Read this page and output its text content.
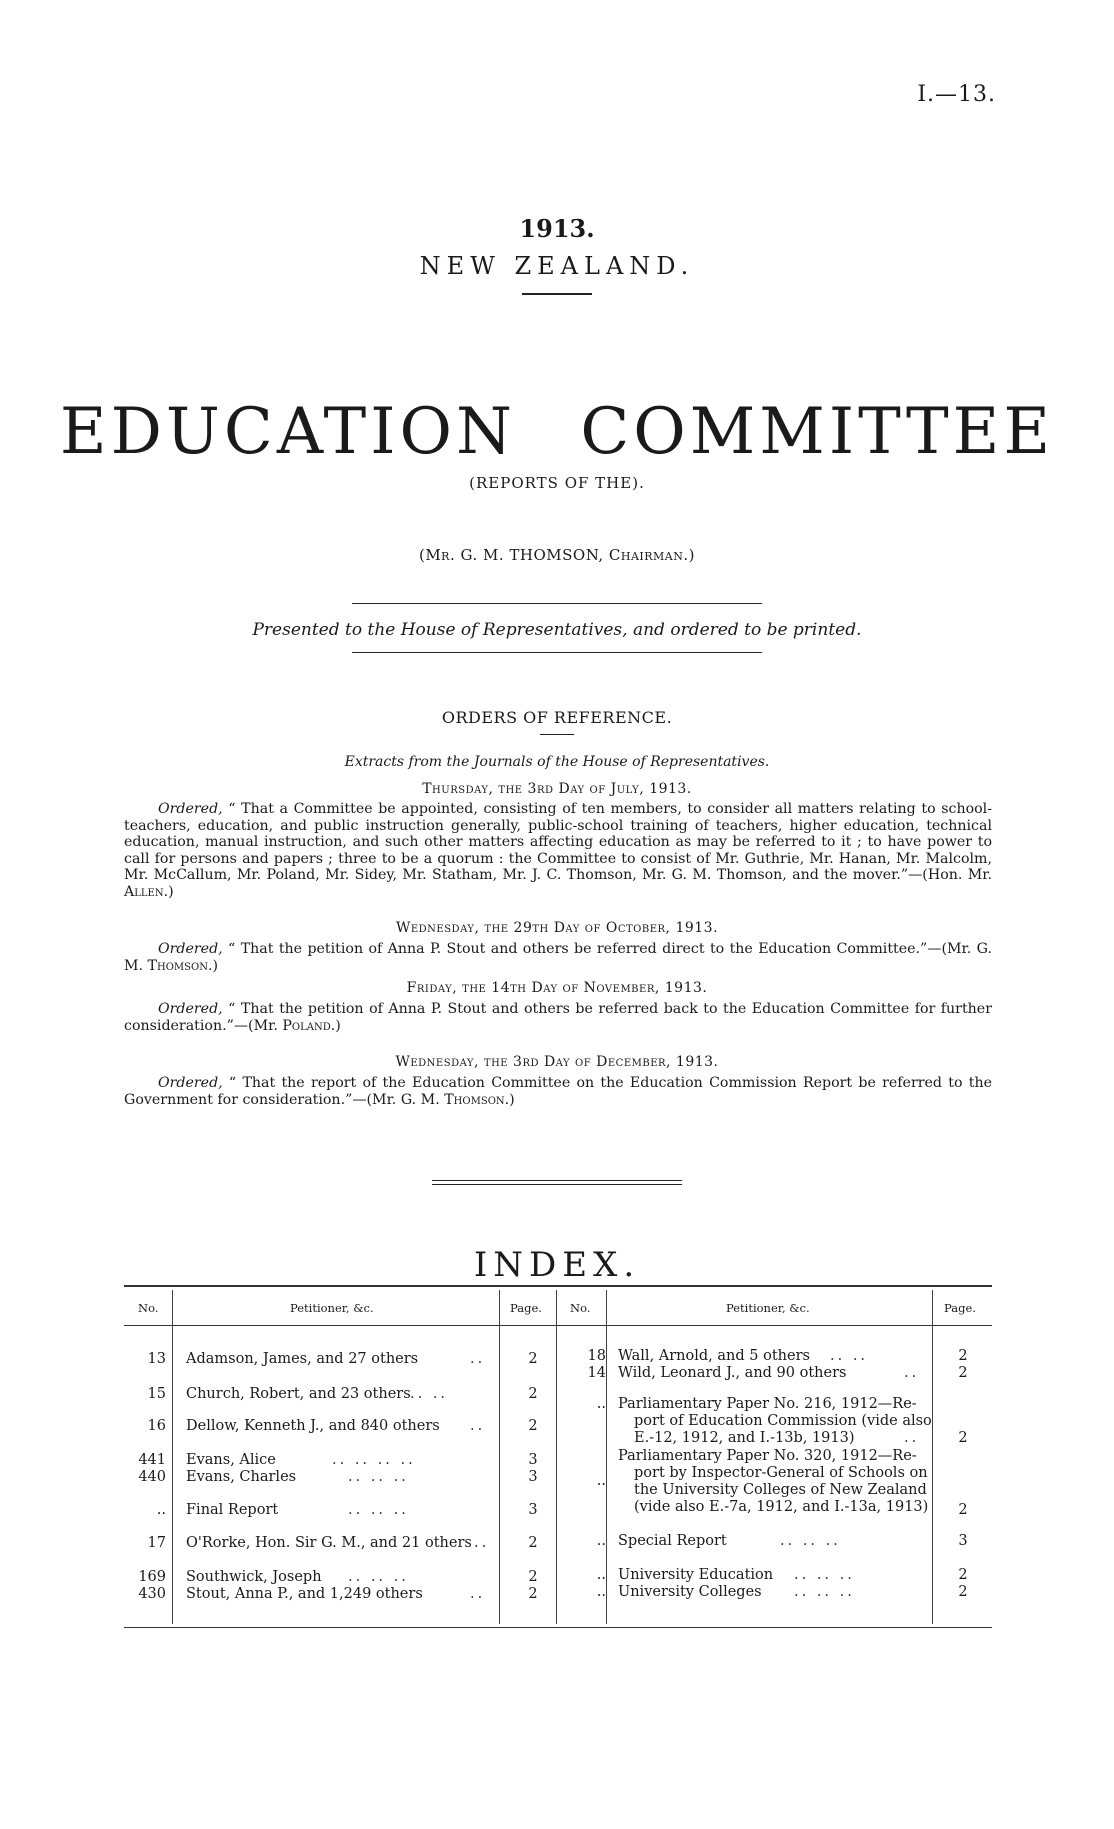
I.—13.
1913.
NEW ZEALAND.
EDUCATION COMMITTEE
(REPORTS OF THE).
(Mr. G. M. THOMSON, Chairman.)
Presented to the House of Representatives, and ordered to be printed.
ORDERS OF REFERENCE.
Extracts from the Journals of the House of Representatives.
Thursday, the 3rd Day of July, 1913.
Ordered, “ That a Committee be appointed, consisting of ten members, to consider all matters relating to school-teachers, education, and public instruction generally, public-school training of teachers, higher education, technical education, manual instruction, and such other matters affecting education as may be referred to it ; to have power to call for persons and papers ; three to be a quorum : the Committee to consist of Mr. Guthrie, Mr. Hanan, Mr. Malcolm, Mr. McCallum, Mr. Poland, Mr. Sidey, Mr. Statham, Mr. J. C. Thomson, Mr. G. M. Thomson, and the mover.”—(Hon. Mr. Allen.)
Wednesday, the 29th Day of October, 1913.
Ordered, “ That the petition of Anna P. Stout and others be referred direct to the Education Committee.”—(Mr. G. M. Thomson.)
Friday, the 14th Day of November, 1913.
Ordered, “ That the petition of Anna P. Stout and others be referred back to the Education Committee for further consideration.”—(Mr. Poland.)
Wednesday, the 3rd Day of December, 1913.
Ordered, “ That the report of the Education Committee on the Education Commission Report be referred to the Government for consideration.”—(Mr. G. M. Thomson.)
INDEX.
No.	Petitioner, &c.	Page. No.	Petitioner, &c.	Page.
13 Adamson, James, and 27 others	..	2
15 Church, Robert, and 23 others .. ..	2
16 Dellow, Kenneth J., and 840 others ..	2
441 Evans, Alice	.. .. .. ..	3
440 Evans, Charles	.. .. ..	3
.. Final Report	.. .. ..	3
17 O'Rorke, Hon. Sir G. M., and 21 others ..	2
169 Southwick, Joseph .. .. ..	2
430 Stout, Anna P., and 1,249 others	..	2
18 Wall, Arnold, and 5 others .. ..	2
14 Wild, Leonard J., and 90 others	..	2
.. Parliamentary Paper No. 216, 1912—Re-
port of Education Commission (vide also
E.-12, 1912, and I.-13b, 1913)	..	2
..
Parliamentary Paper No. 320, 1912—Re-
port by Inspector-General of Schools on
the University Colleges of New Zealand
(vide also E.-7a, 1912, and I.-13a, 1913)	2
.. Special Report	.. .. ..	3
.. University Education .. .. ..	2
.. University Colleges .. .. ..	2
